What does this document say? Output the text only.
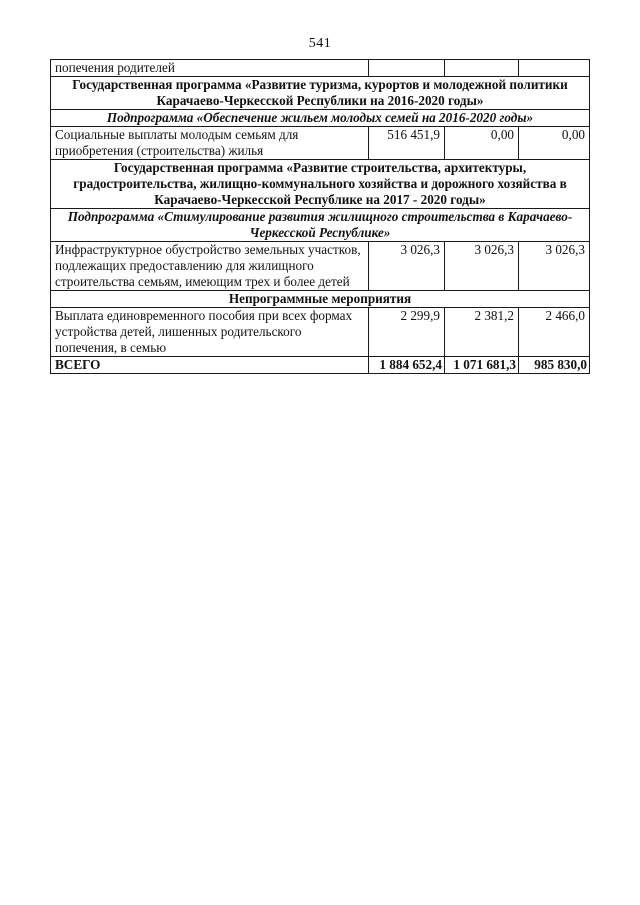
541
попечения родителей			
Государственная программа «Развитие туризма, курортов и молодежной политики Карачаево-Черкесской Республики на 2016-2020 годы»			
Подпрограмма «Обеспечение жильем молодых семей на 2016-2020 годы»			
Социальные выплаты молодым семьям для приобретения (строительства) жилья	516 451,9	0,00	0,00
Государственная программа «Развитие строительства, архитектуры, градостроительства, жилищно-коммунального хозяйства и дорожного хозяйства в Карачаево-Черкесской Республике на 2017 - 2020 годы»			
Подпрограмма «Стимулирование развития жилищного строительства в Карачаево-Черкесской Республике»			
Инфраструктурное обустройство земельных участков, подлежащих предоставлению для жилищного строительства семьям, имеющим трех и более детей	3 026,3	3 026,3	3 026,3
Непрограммные мероприятия			
Выплата единовременного пособия при всех формах устройства детей, лишенных родительского попечения, в семью	2 299,9	2 381,2	2 466,0
ВСЕГО	1 884 652,4	1 071 681,3	985 830,0
